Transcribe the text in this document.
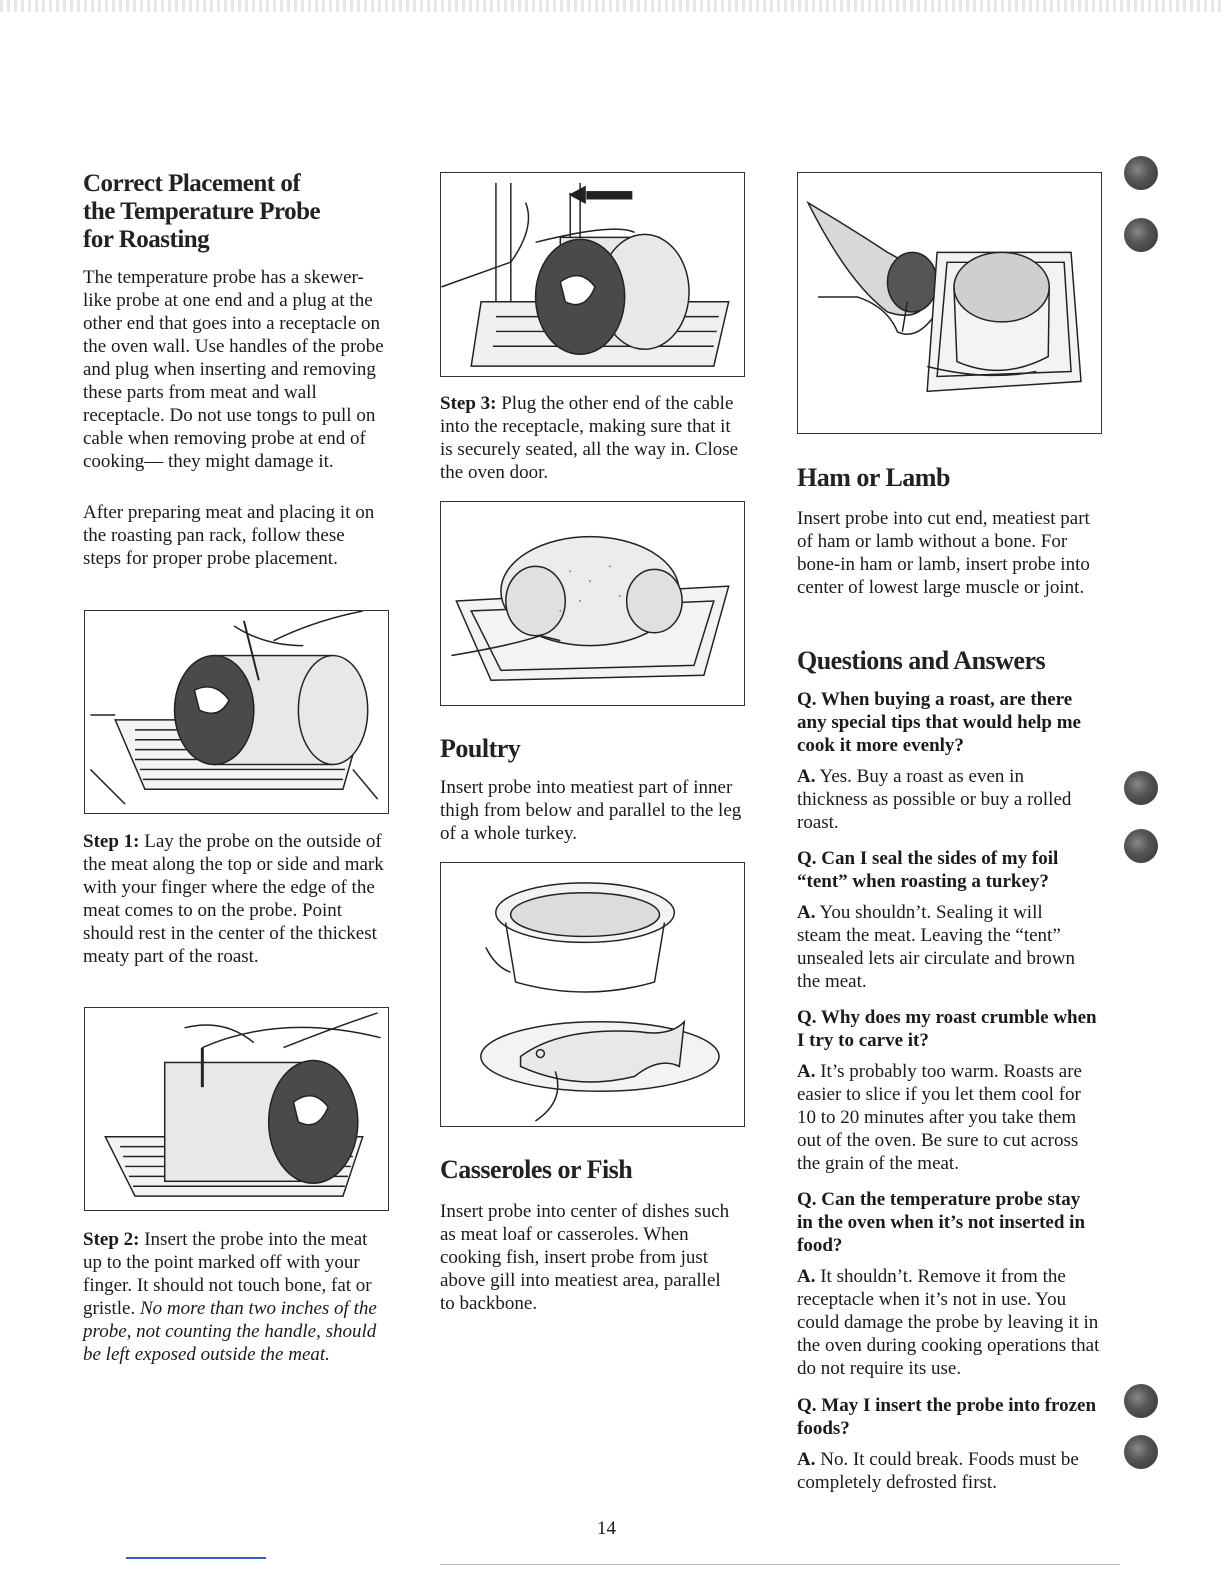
Correct Placement of
the Temperature Probe
for Roasting

The temperature probe has a skewer-like probe at one end and a plug at the other end that goes into a receptacle on the oven wall. Use handles of the probe and plug when inserting and removing these parts from meat and wall receptacle. Do not use tongs to pull on cable when removing probe at end of cooking— they might damage it.

After preparing meat and placing it on the roasting pan rack, follow these steps for proper probe placement.

Step 1: Lay the probe on the outside of the meat along the top or side and mark with your finger where the edge of the meat comes to on the probe. Point should rest in the center of the thickest meaty part of the roast.

Step 2: Insert the probe into the meat up to the point marked off with your finger. It should not touch bone, fat or gristle. No more than two inches of the probe, not counting the handle, should be left exposed outside the meat.

Step 3: Plug the other end of the cable into the receptacle, making sure that it is securely seated, all the way in. Close the oven door.

Poultry

Insert probe into meatiest part of inner thigh from below and parallel to the leg of a whole turkey.

Casseroles or Fish

Insert probe into center of dishes such as meat loaf or casseroles. When cooking fish, insert probe from just above gill into meatiest area, parallel to backbone.

Ham or Lamb

Insert probe into cut end, meatiest part of ham or lamb without a bone. For bone-in ham or lamb, insert probe into center of lowest large muscle or joint.

Questions and Answers
Q. When buying a roast, are there any special tips that would help me cook it more evenly?
A. Yes. Buy a roast as even in thickness as possible or buy a rolled roast.
Q. Can I seal the sides of my foil “tent” when roasting a turkey?
A. You shouldn’t. Sealing it will steam the meat. Leaving the “tent” unsealed lets air circulate and brown the meat.
Q. Why does my roast crumble when I try to carve it?
A. It’s probably too warm. Roasts are easier to slice if you let them cool for 10 to 20 minutes after you take them out of the oven. Be sure to cut across the grain of the meat.
Q. Can the temperature probe stay in the oven when it’s not inserted in food?
A. It shouldn’t. Remove it from the receptacle when it’s not in use. You could damage the probe by leaving it in the oven during cooking operations that do not require its use.
Q. May I insert the probe into frozen foods?
A. No. It could break. Foods must be completely defrosted first.
14
